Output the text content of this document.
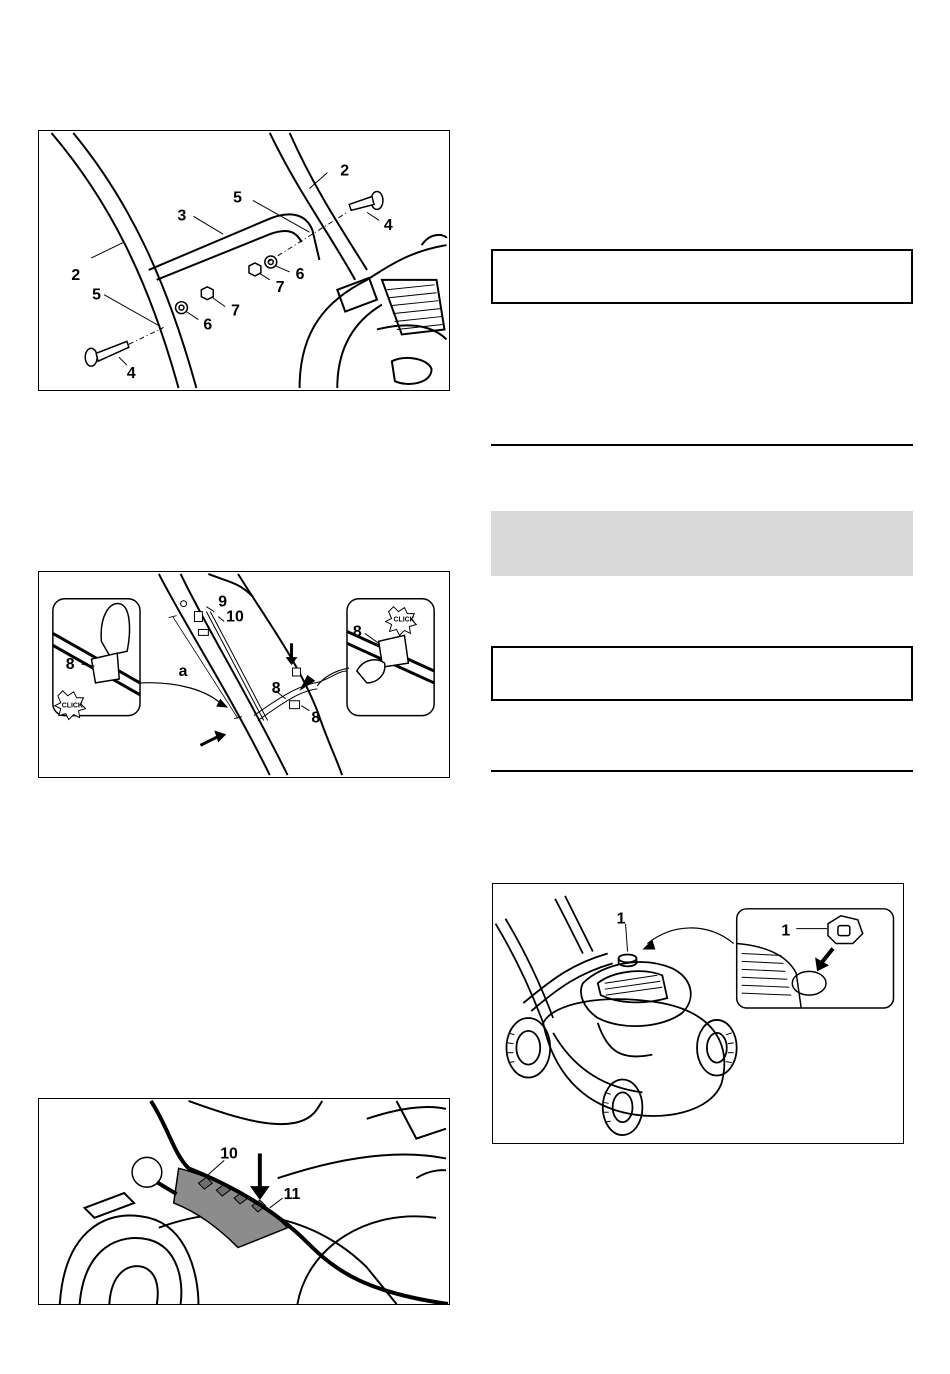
2
2
3
4
4
5
5
6
6
7
7
CLICK
8
9
10
a
8
8
CLICK
8
10
11
1
1
